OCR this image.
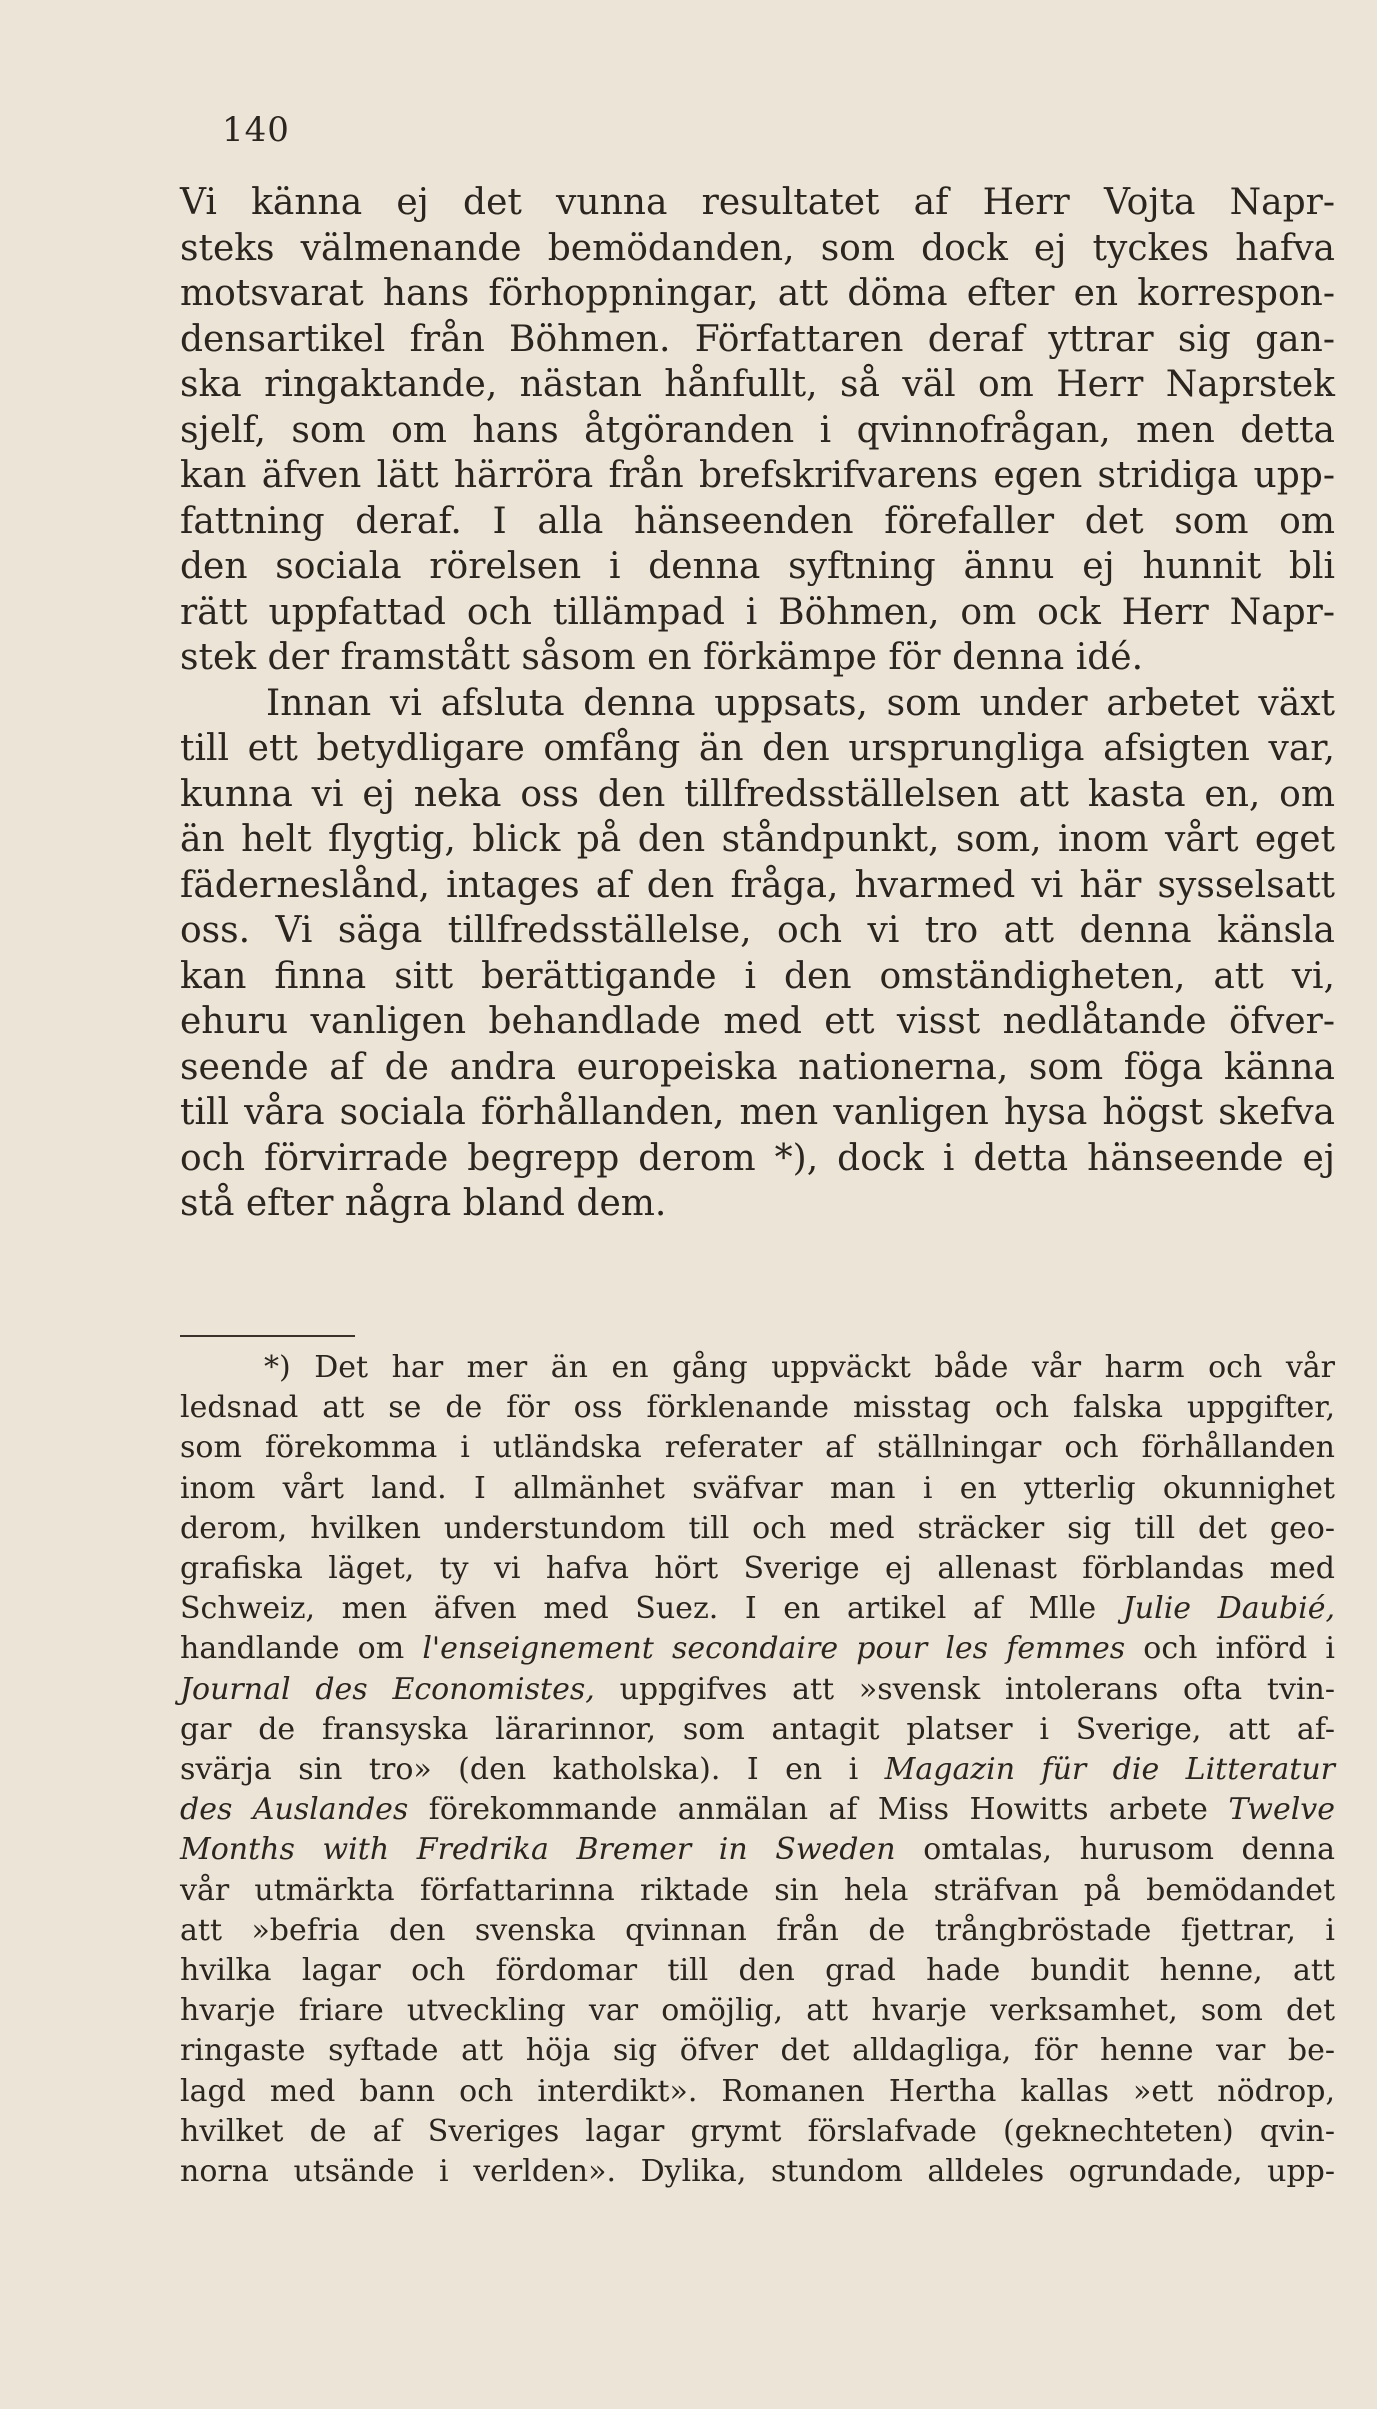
140
Vi känna ej det vunna resultatet af Herr Vojta Napr-
steks välmenande bemödanden, som dock ej tyckes hafva
motsvarat hans förhoppningar, att döma efter en korrespon-
densartikel från Böhmen. Författaren deraf yttrar sig gan-
ska ringaktande, nästan hånfullt, så väl om Herr Naprstek
sjelf, som om hans åtgöranden i qvinnofrågan, men detta
kan äfven lätt härröra från brefskrifvarens egen stridiga upp-
fattning deraf. I alla hänseenden förefaller det som om
den sociala rörelsen i denna syftning ännu ej hunnit bli
rätt uppfattad och tillämpad i Böhmen, om ock Herr Napr-
stek der framstått såsom en förkämpe för denna idé.
Innan vi afsluta denna uppsats, som under arbetet växt
till ett betydligare omfång än den ursprungliga afsigten var,
kunna vi ej neka oss den tillfredsställelsen att kasta en, om
än helt flygtig, blick på den ståndpunkt, som, inom vårt eget
fäderneslånd, intages af den fråga, hvarmed vi här sysselsatt
oss. Vi säga tillfredsställelse, och vi tro att denna känsla
kan finna sitt berättigande i den omständigheten, att vi,
ehuru vanligen behandlade med ett visst nedlåtande öfver-
seende af de andra europeiska nationerna, som föga känna
till våra sociala förhållanden, men vanligen hysa högst skefva
och förvirrade begrepp derom *), dock i detta hänseende ej
stå efter några bland dem.
*) Det har mer än en gång uppväckt både vår harm och vår
ledsnad att se de för oss förklenande misstag och falska uppgifter,
som förekomma i utländska referater af ställningar och förhållanden
inom vårt land. I allmänhet sväfvar man i en ytterlig okunnighet
derom, hvilken understundom till och med sträcker sig till det geo-
grafiska läget, ty vi hafva hört Sverige ej allenast förblandas med
Schweiz, men äfven med Suez. I en artikel af Mlle Julie Daubié,
handlande om l'enseignement secondaire pour les femmes och införd i
Journal des Economistes, uppgifves att »svensk intolerans ofta tvin-
gar de fransyska lärarinnor, som antagit platser i Sverige, att af-
svärja sin tro» (den katholska). I en i Magazin für die Litteratur
des Auslandes förekommande anmälan af Miss Howitts arbete Twelve
Months with Fredrika Bremer in Sweden omtalas, hurusom denna
vår utmärkta författarinna riktade sin hela sträfvan på bemödandet
att »befria den svenska qvinnan från de trångbröstade fjettrar, i
hvilka lagar och fördomar till den grad hade bundit henne, att
hvarje friare utveckling var omöjlig, att hvarje verksamhet, som det
ringaste syftade att höja sig öfver det alldagliga, för henne var be-
lagd med bann och interdikt». Romanen Hertha kallas »ett nödrop,
hvilket de af Sveriges lagar grymt förslafvade (geknechteten) qvin-
norna utsände i verlden». Dylika, stundom alldeles ogrundade, upp-
